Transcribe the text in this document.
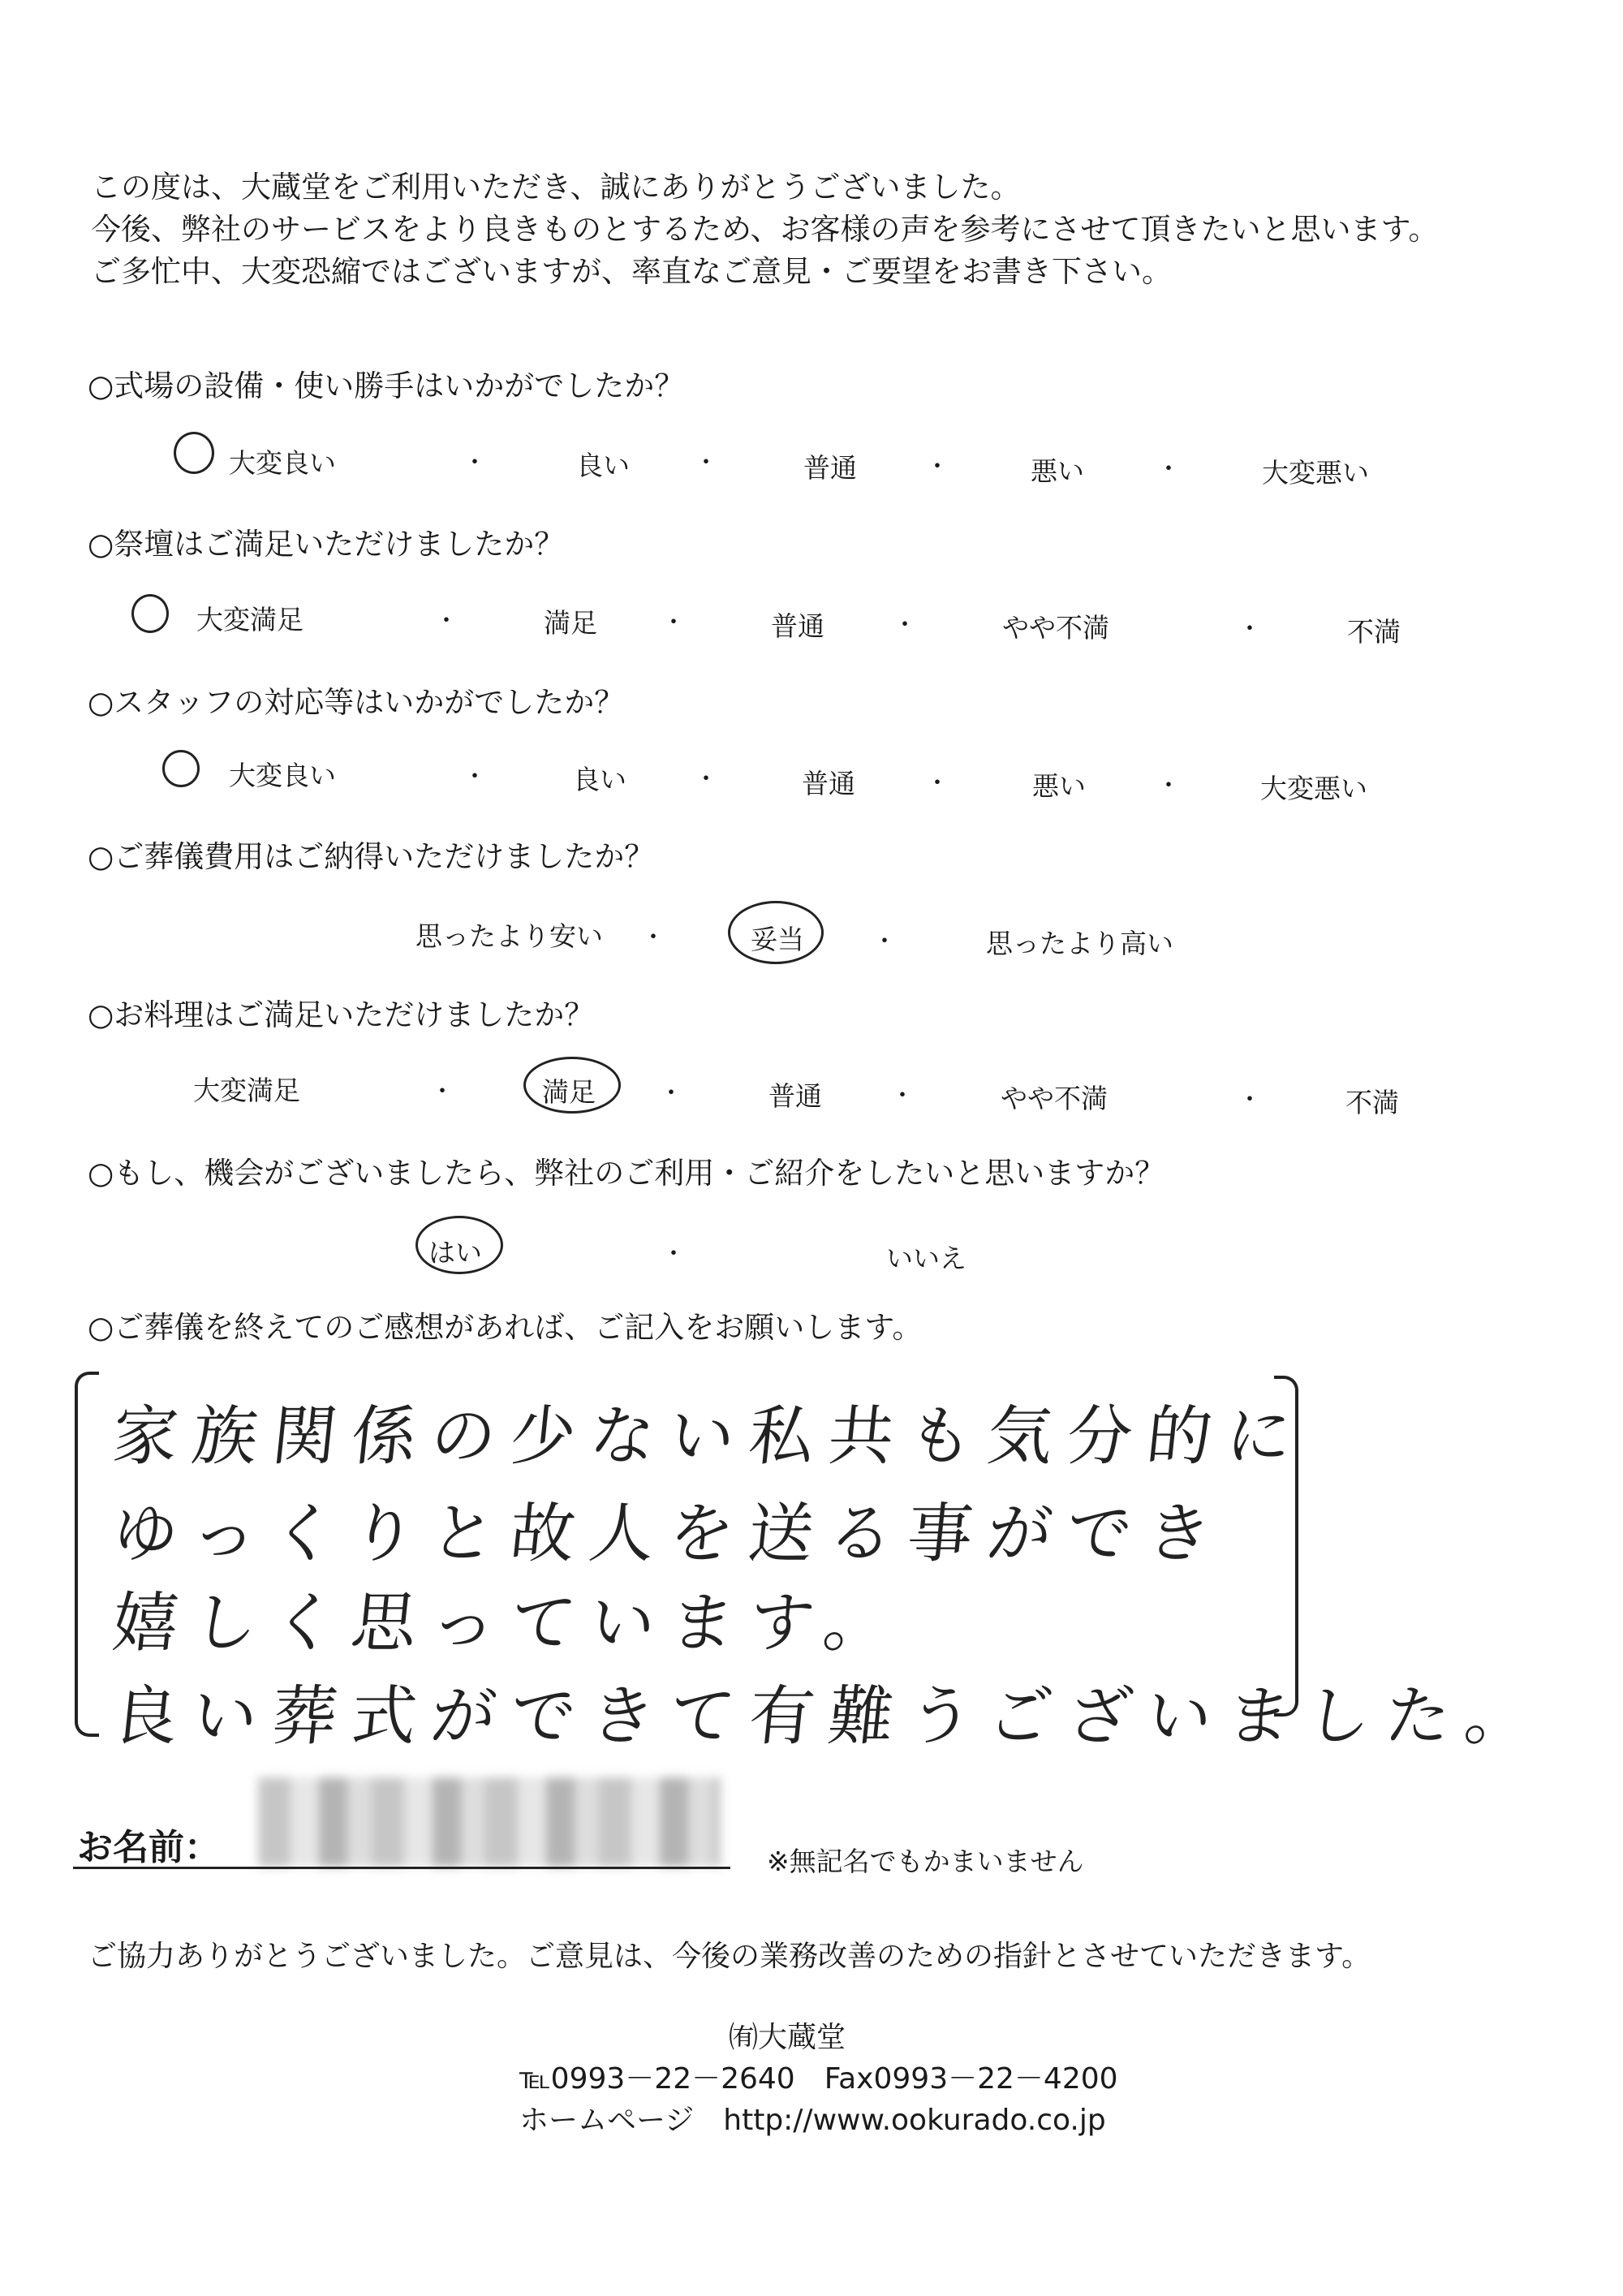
この度は、大蔵堂をご利用いただき、誠にありがとうございました。
今後、弊社のサービスをより良きものとするため、お客様の声を参考にさせて頂きたいと思います。
ご多忙中、大変恐縮ではございますが、率直なご意見・ご要望をお書き下さい。
○式場の設備・使い勝手はいかがでしたか？
大変良い	・	良い	・	普通	・	悪い	・	大変悪い
○祭壇はご満足いただけましたか？
大変満足	・	満足	・	普通	・	やや不満	・	不満
○スタッフの対応等はいかがでしたか？
大変良い	・	良い	・	普通	・	悪い	・	大変悪い
○ご葬儀費用はご納得いただけましたか？
思ったより安い ・	妥当	・	思ったより高い
○お料理はご満足いただけましたか？
大変満足	・	満足	・	普通	・	やや不満	・	不満
○もし、機会がございましたら、弊社のご利用・ご紹介をしたいと思いますか？
はい	・	いいえ
○ご葬儀を終えてのご感想があれば、ご記入をお願いします。
家族関係の少ない私共も気分的に
ゆっくりと故人を送る事ができ
嬉しく思っています。
良い葬式ができて有難うございました。
お名前：	※無記名でもかまいません
ご協力ありがとうございました。ご意見は、今後の業務改善のための指針とさせていただきます。
㈲大蔵堂
℡0993－22－2640　Fax0993－22－4200
ホームページ　http://www.ookurado.co.jp
